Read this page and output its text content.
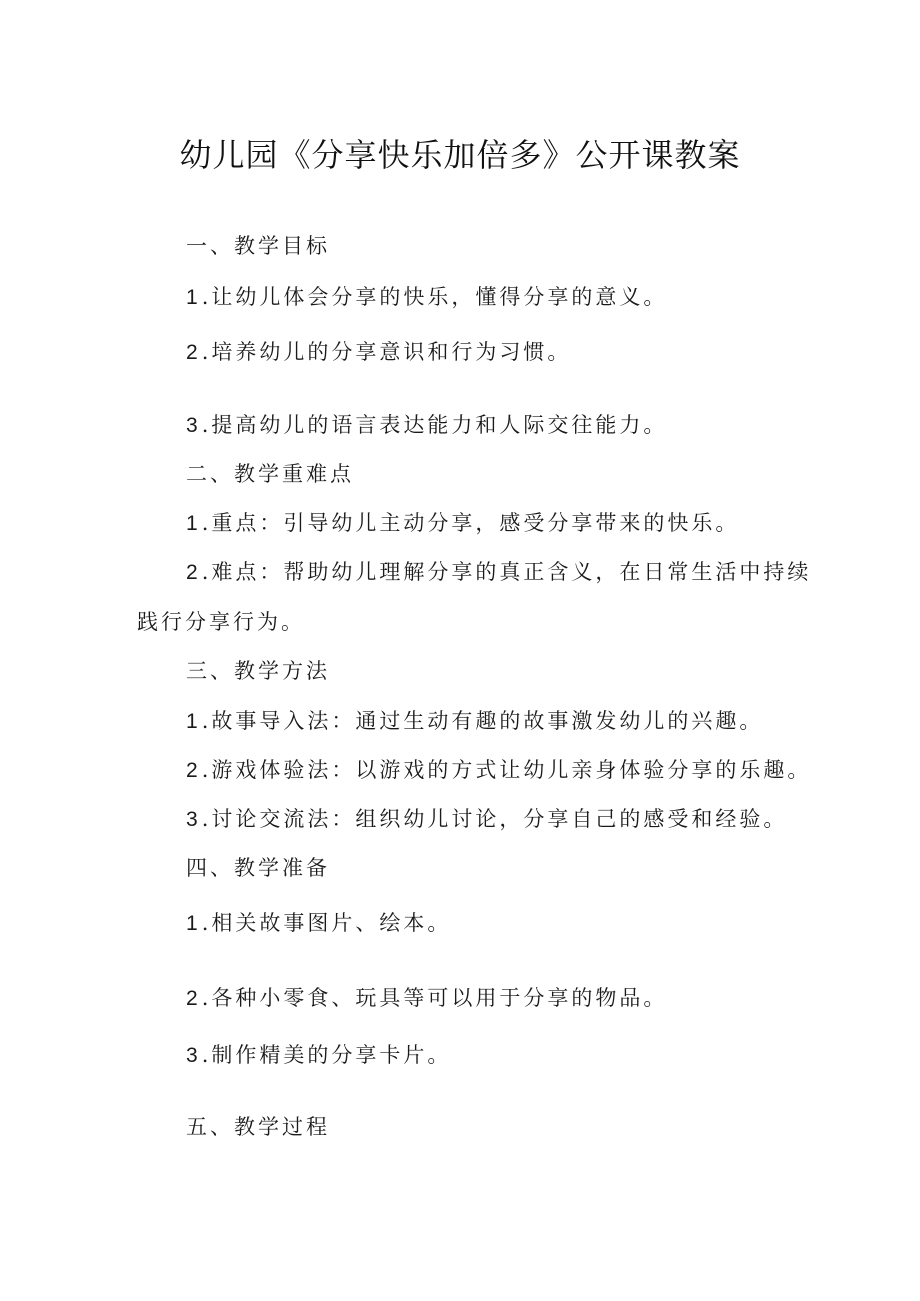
幼儿园《分享快乐加倍多》公开课教案
一、教学目标
1 .让幼儿体会分享的快乐，懂得分享的意义。
2 .培养幼儿的分享意识和行为习惯。
3 .提高幼儿的语言表达能力和人际交往能力。
二、教学重难点
1 .重点：引导幼儿主动分享，感受分享带来的快乐。
2 .难点：帮助幼儿理解分享的真正含义，在日常生活中持续
践行分享行为。
三、教学方法
1 .故事导入法：通过生动有趣的故事激发幼儿的兴趣。
2 .游戏体验法：以游戏的方式让幼儿亲身体验分享的乐趣。
3 .讨论交流法：组织幼儿讨论，分享自己的感受和经验。
四、教学准备
1 .相关故事图片、绘本。
2 .各种小零食、玩具等可以用于分享的物品。
3 .制作精美的分享卡片。
五、教学过程
